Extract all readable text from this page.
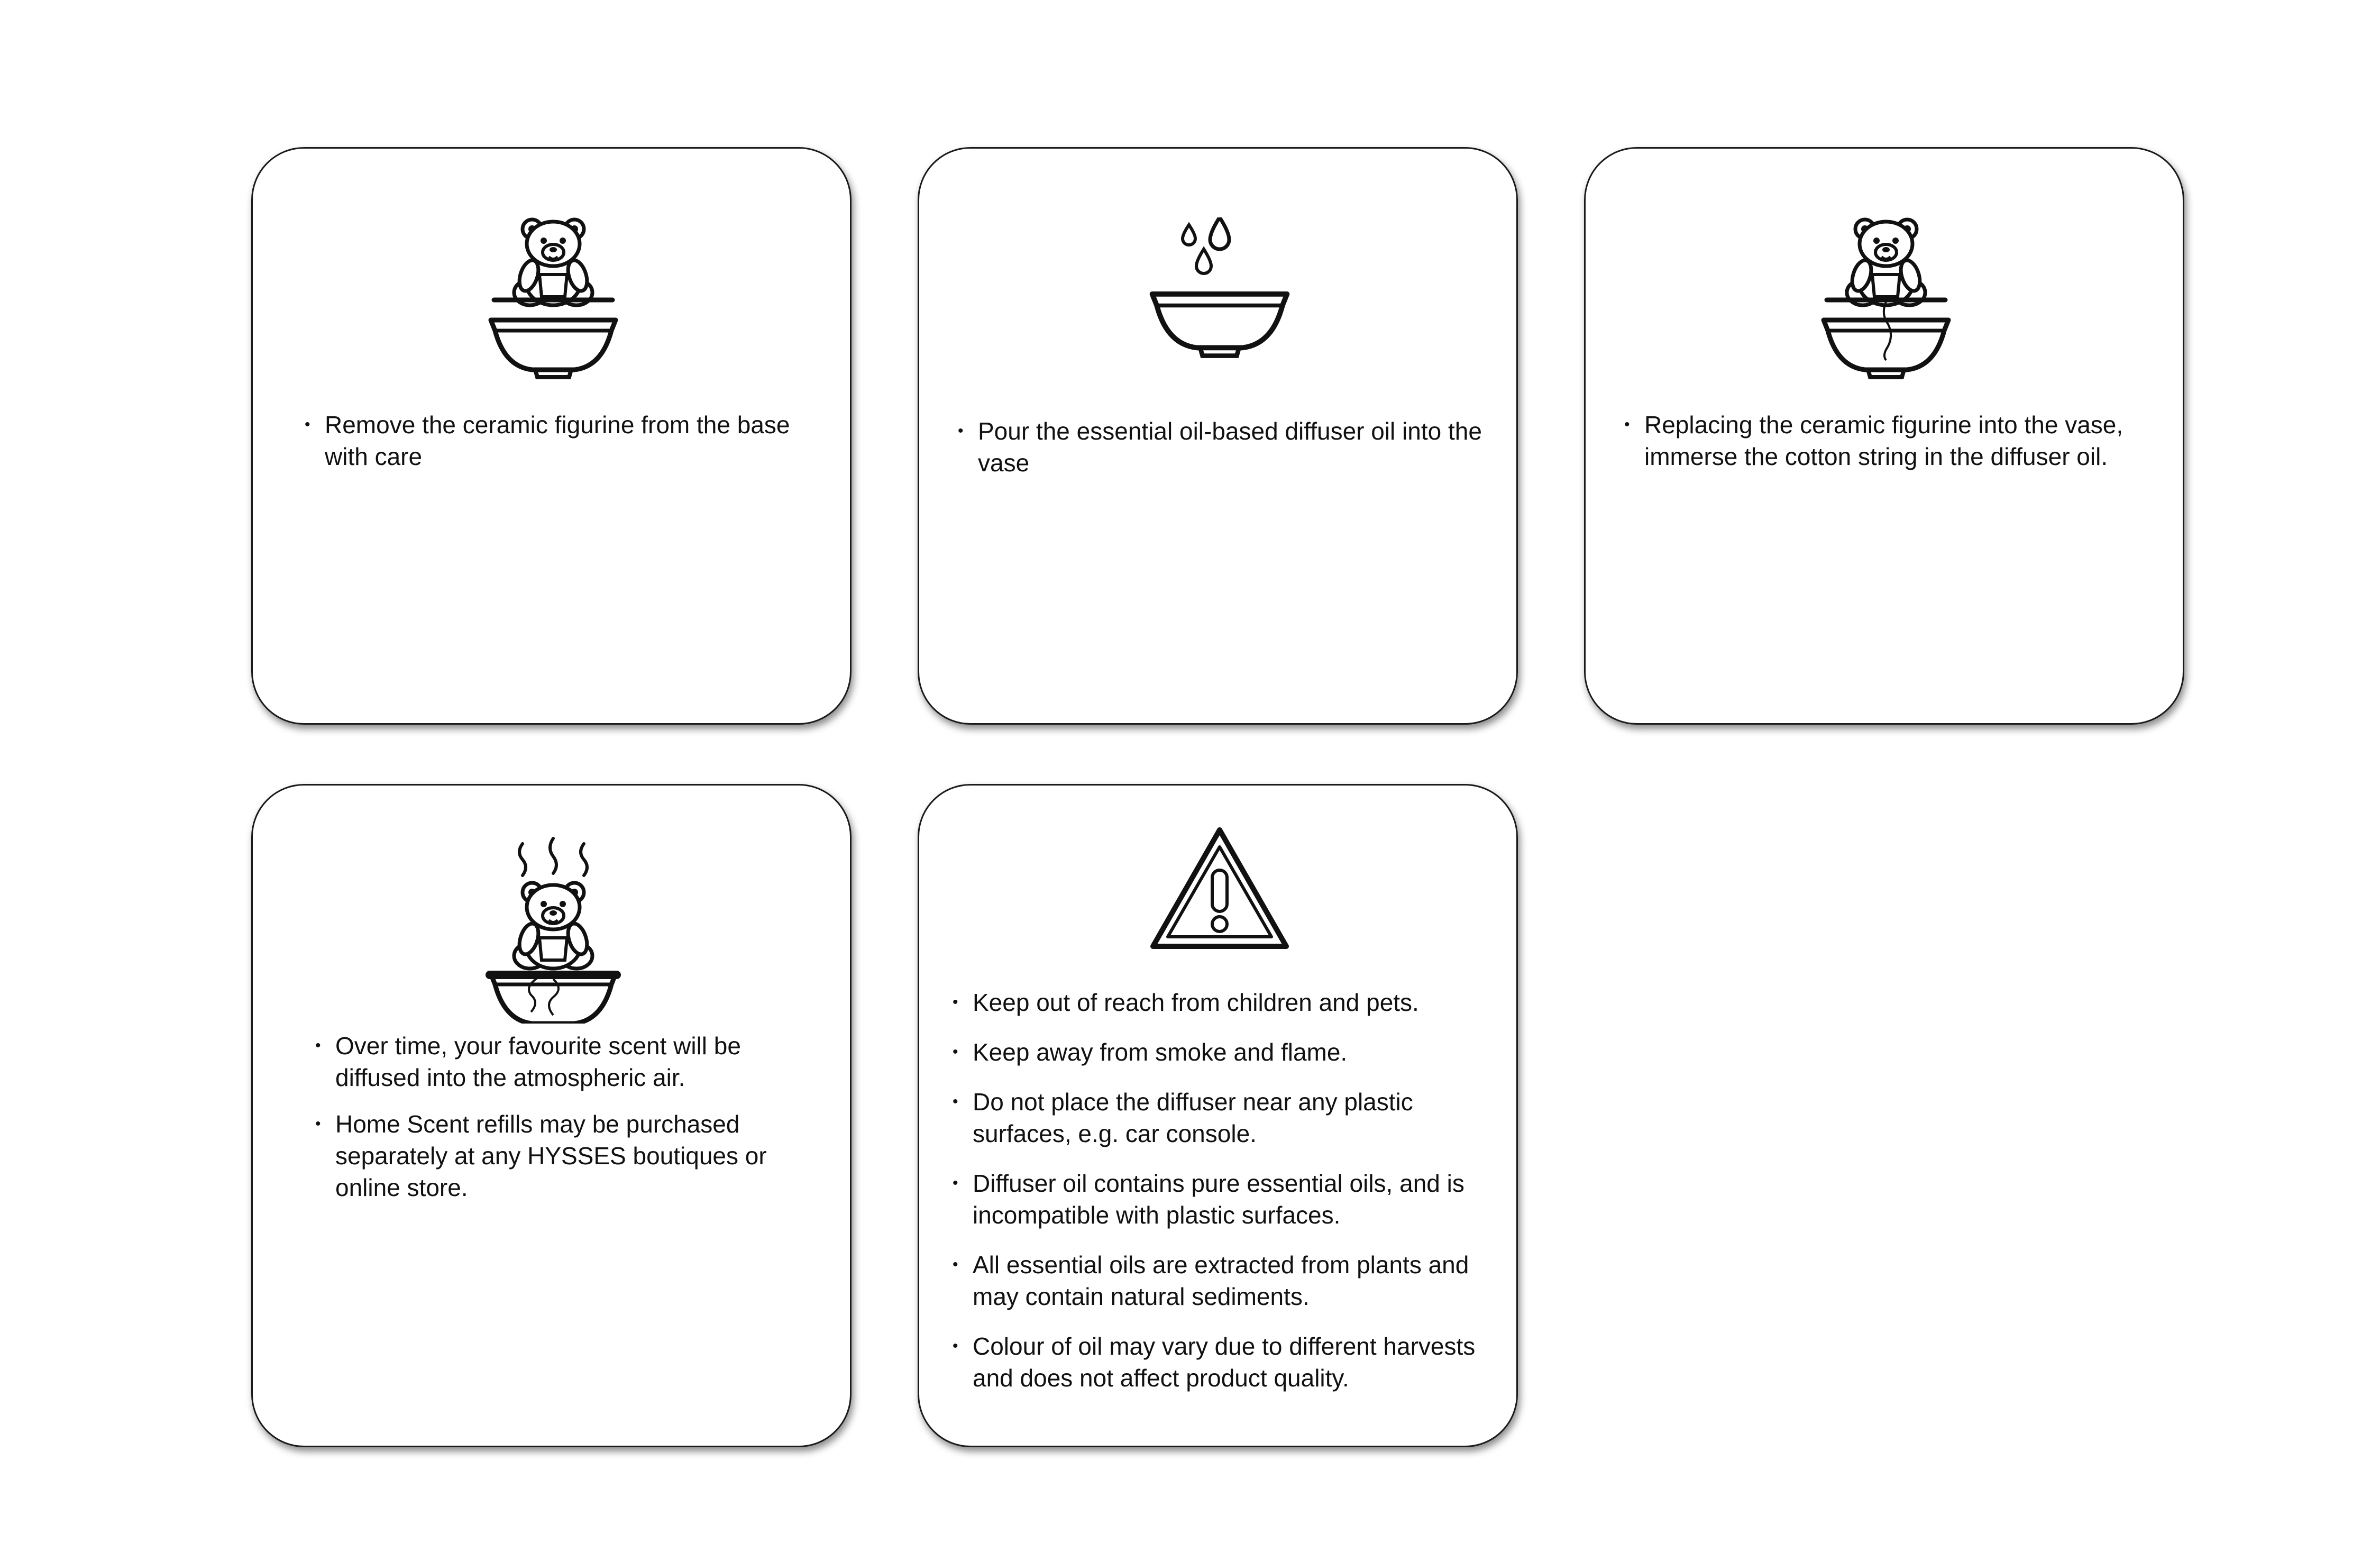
• Remove the ceramic figurine from the base with care
• Pour the essential oil-based diffuser oil into the vase
• Replacing the ceramic figurine into the vase, immerse the cotton string in the diffuser oil.
• Over time, your favourite scent will be diffused into the atmospheric air.
• Home Scent refills may be purchased separately at any HYSSES boutiques or online store.
• Keep out of reach from children and pets.
• Keep away from smoke and flame.
• Do not place the diffuser near any plastic surfaces, e.g. car console.
• Diffuser oil contains pure essential oils, and is incompatible with plastic surfaces.
• All essential oils are extracted from plants and may contain natural sediments.
• Colour of oil may vary due to different harvests and does not affect product quality.
